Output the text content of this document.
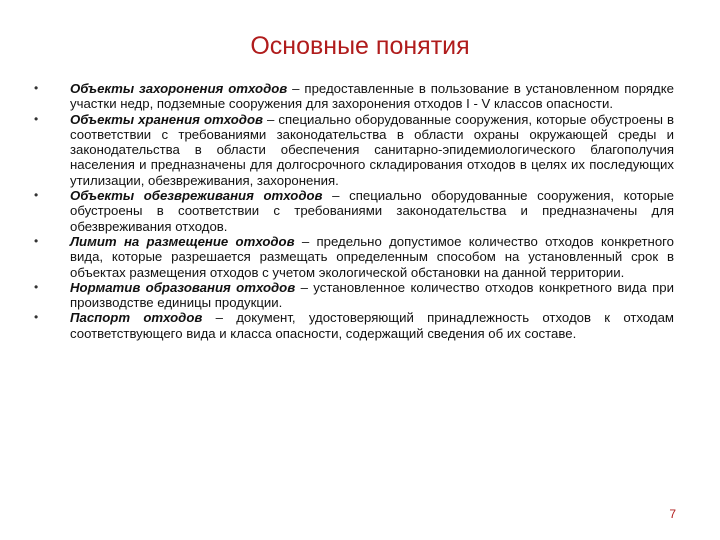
Основные понятия
•	Объекты захоронения отходов – предоставленные в пользование в установленном порядке участки недр, подземные сооружения для захоронения отходов I - V классов опасности.
•	Объекты хранения отходов – специально оборудованные сооружения, которые обустроены в соответствии с требованиями законодательства в области охраны окружающей среды и законодательства в области обеспечения санитарно-эпидемиологического благополучия населения и предназначены для долгосрочного складирования отходов в целях их последующих утилизации, обезвреживания, захоронения.
•	Объекты обезвреживания отходов – специально оборудованные сооружения, которые обустроены в соответствии с требованиями законодательства и предназначены для обезвреживания отходов.
•	Лимит на размещение отходов – предельно допустимое количество отходов конкретного вида, которые разрешается размещать определенным способом на установленный срок в объектах размещения отходов с учетом экологической обстановки на данной территории.
•	Норматив образования отходов – установленное количество отходов конкретного вида при производстве единицы продукции.
•	Паспорт отходов – документ, удостоверяющий принадлежность отходов к отходам соответствующего вида и класса опасности, содержащий сведения об их составе.
7
